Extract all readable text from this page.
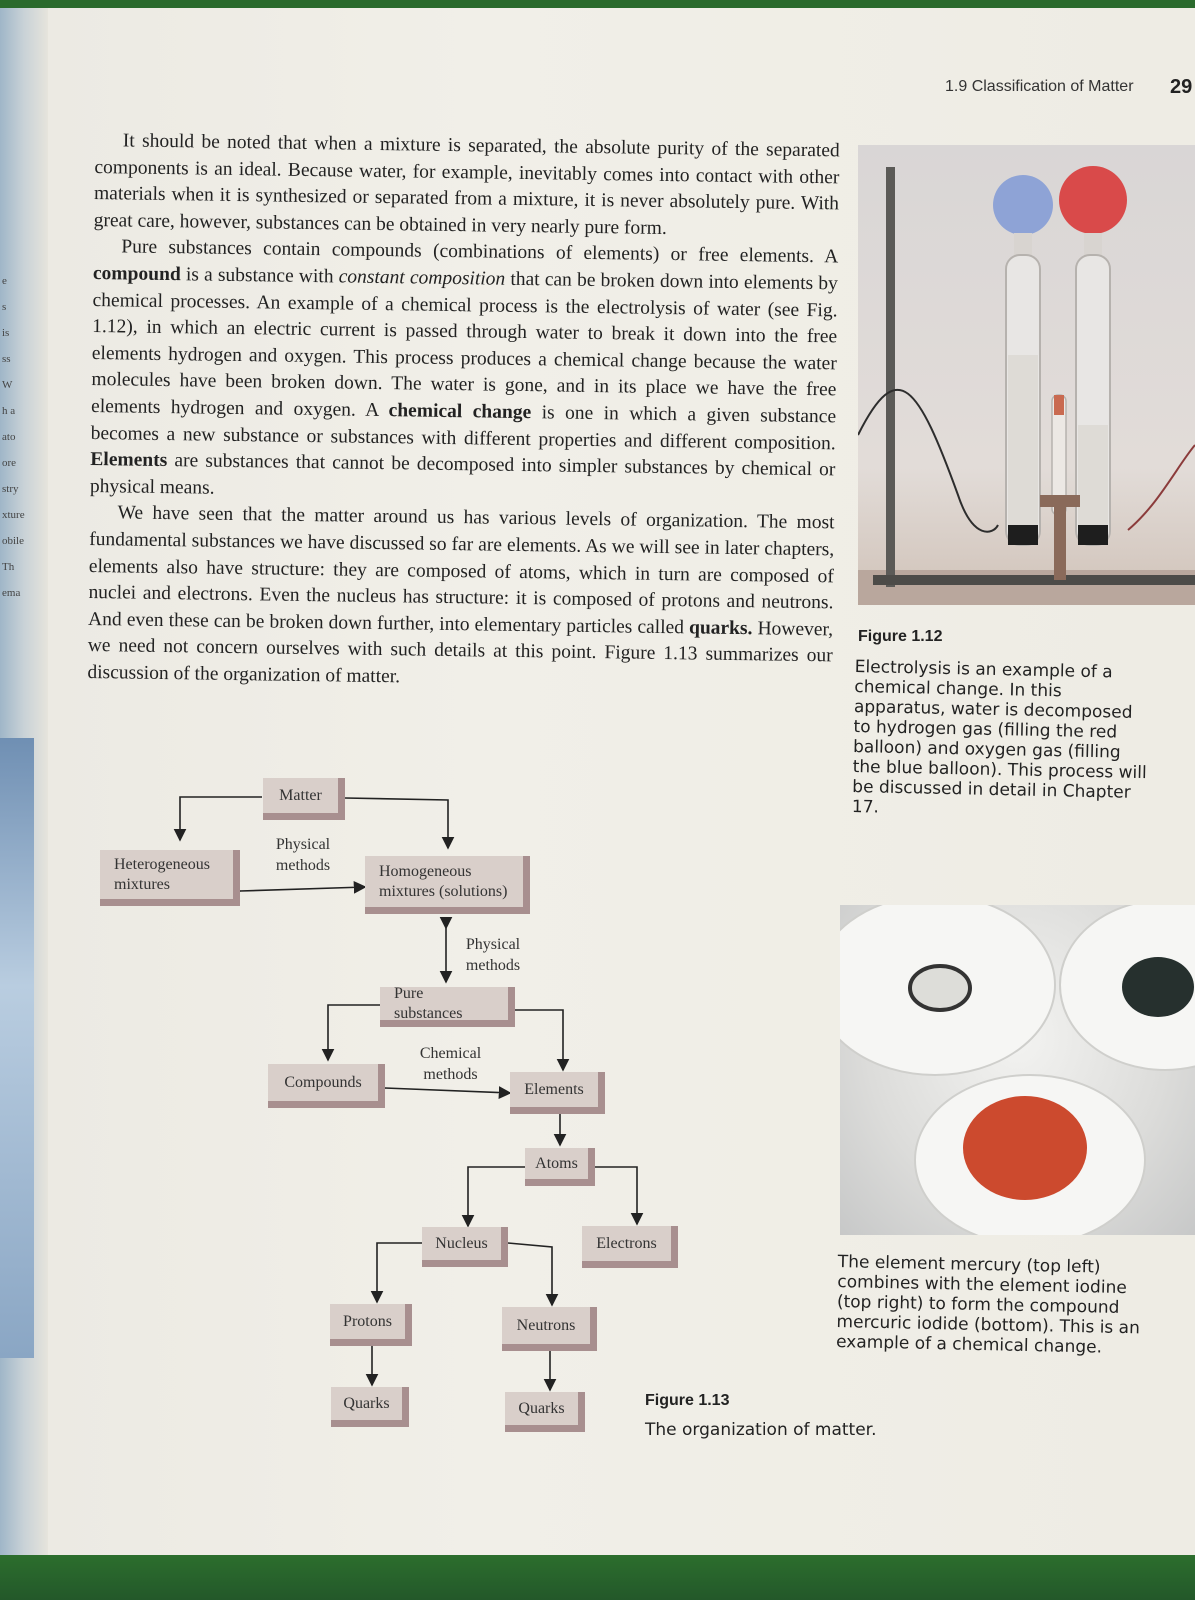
e
s
is
ss
W
h a
ato
ore
stry
xture
obile
Th
ema
1.9 Classification of Matter 29

It should be noted that when a mixture is separated, the absolute purity of the separated components is an ideal. Because water, for example, inevitably comes into contact with other materials when it is synthesized or separated from a mixture, it is never absolutely pure. With great care, however, substances can be obtained in very nearly pure form.

Pure substances contain compounds (combinations of elements) or free elements. A compound is a substance with constant composition that can be broken down into elements by chemical processes. An example of a chemical process is the electrolysis of water (see Fig. 1.12), in which an electric current is passed through water to break it down into the free elements hydrogen and oxygen. This process produces a chemical change because the water molecules have been broken down. The water is gone, and in its place we have the free elements hydrogen and oxygen. A chemical change is one in which a given substance becomes a new substance or substances with different properties and different composition. Elements are substances that cannot be decomposed into simpler substances by chemical or physical means.

We have seen that the matter around us has various levels of organization. The most fundamental substances we have discussed so far are elements. As we will see in later chapters, elements also have structure: they are composed of atoms, which in turn are composed of nuclei and electrons. Even the nucleus has structure: it is composed of protons and neutrons. And even these can be broken down further, into elementary particles called quarks. However, we need not concern ourselves with such details at this point. Figure 1.13 summarizes our discussion of the organization of matter.

Figure 1.12
Electrolysis is an example of a chemical change. In this apparatus, water is decomposed to hydrogen gas (filling the red balloon) and oxygen gas (filling the blue balloon). This process will be discussed in detail in Chapter 17.
The element mercury (top left) combines with the element iodine (top right) to form the compound mercuric iodide (bottom). This is an example of a chemical change.
Matter
Heterogeneous mixtures
Homogeneous mixtures (solutions)
Pure substances
Compounds	Elements
Atoms
Nucleus	Electrons
Protons	Neutrons
Quarks	Quarks
Physical methods
Physical methods
Chemical methods
Figure 1.13
The organization of matter.
